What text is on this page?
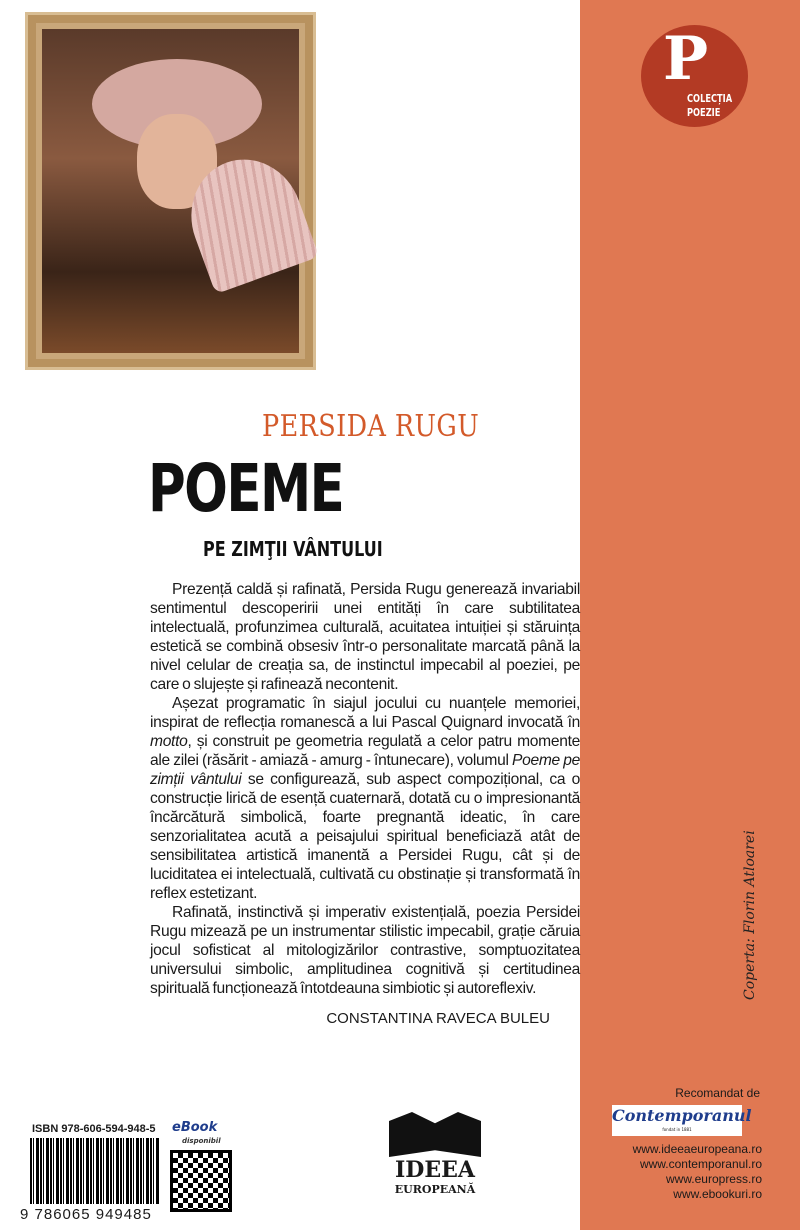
P
COLECȚIA
POEZIE
PERSIDA RUGU
POEME
PE ZIMŢII VÂNTULUI

Prezență caldă și rafinată, Persida Rugu generează invariabil sentimentul descoperirii unei entități în care subtilitatea intelectuală, profunzimea culturală, acuitatea intuiției și stăruința estetică se combină obsesiv într-o personalitate marcată până la nivel celular de creația sa, de instinctul impecabil al poeziei, pe care o slujește și rafinează necontenit.

Așezat programatic în siajul jocului cu nuanțele memoriei, inspirat de reflecția romanescă a lui Pascal Quignard invocată în motto, și construit pe geometria regulată a celor patru momente ale zilei (răsărit - amiază - amurg - întunecare), volumul Poeme pe zimții vântului se configurează, sub aspect compozițional, ca o construcție lirică de esență cuaternară, dotată cu o impresionantă încărcătură simbolică, foarte pregnantă ideatic, în care senzorialitatea acută a peisajului spiritual beneficiază atât de sensibilitatea artistică imanentă a Persidei Rugu, cât și de luciditatea ei intelectuală, cultivată cu obstinație și transformată în reflex estetizant.

Rafinată, instinctivă și imperativ existențială, poezia Persidei Rugu mizează pe un instrumentar stilistic impecabil, grație căruia jocul sofisticat al mitologizărilor contrastive, somptuozitatea universului simbolic, amplitudinea cognitivă și certitudinea spirituală funcționează întotdeauna simbiotic și autoreflexiv.

CONSTANTINA RAVECA BULEU
Coperta: Florin Atloarei
Recomandat de
Contemporanul
fondat in 1881
www.ideeaeuropeana.ro
www.contemporanul.ro
www.europress.ro
www.ebookuri.ro
ISBN 978-606-594-948-5
9 786065 949485
eBook
disponibil
IDEEA
EUROPEANĂ
